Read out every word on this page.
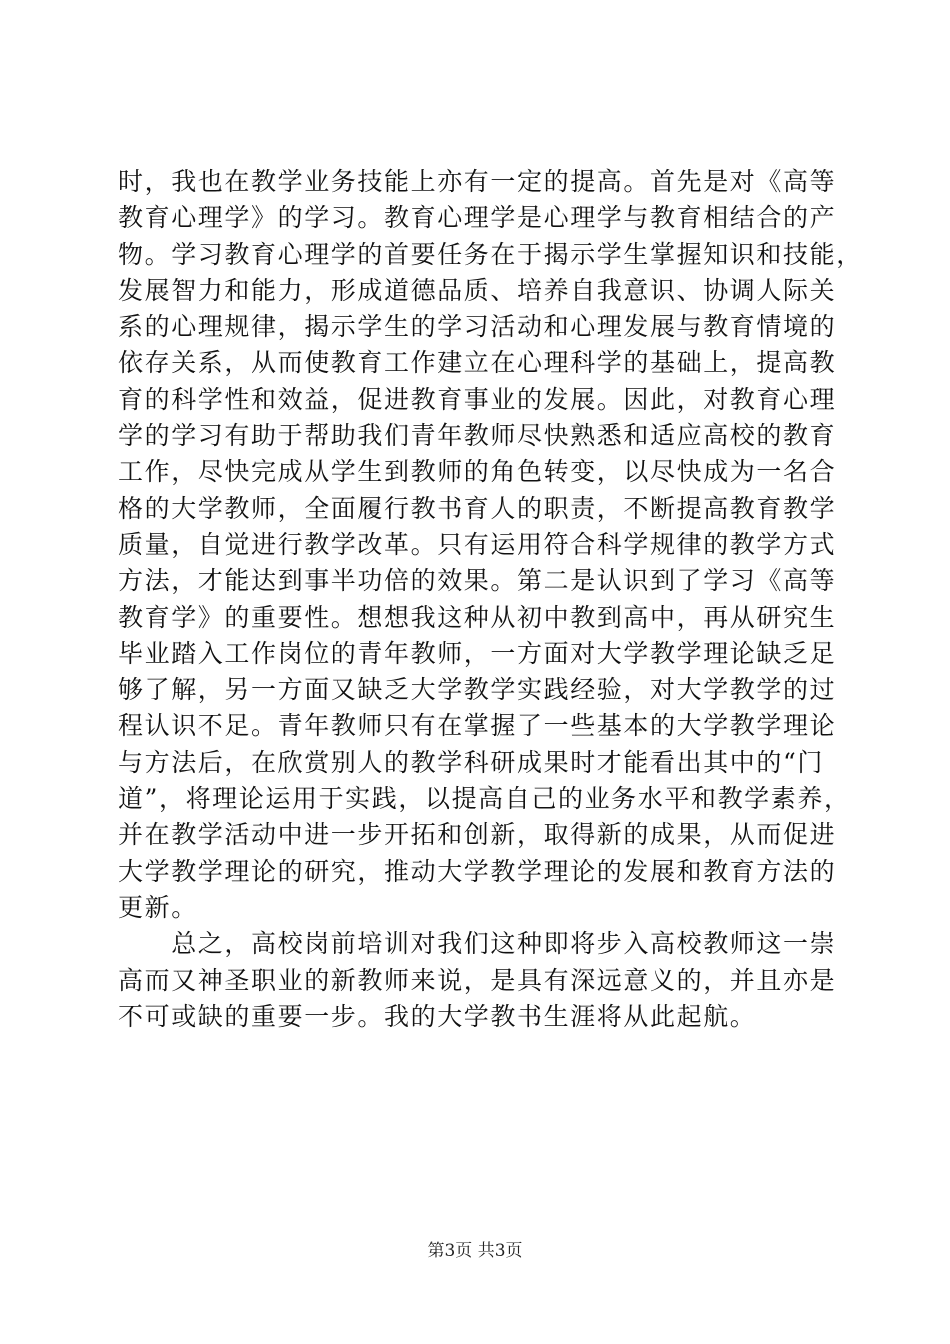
时，我也在教学业务技能上亦有一定的提高。首先是对《高等
教育心理学》的学习。教育心理学是心理学与教育相结合的产
物。学习教育心理学的首要任务在于揭示学生掌握知识和技能，
发展智力和能力，形成道德品质、培养自我意识、协调人际关
系的心理规律，揭示学生的学习活动和心理发展与教育情境的
依存关系，从而使教育工作建立在心理科学的基础上，提高教
育的科学性和效益，促进教育事业的发展。因此，对教育心理
学的学习有助于帮助我们青年教师尽快熟悉和适应高校的教育
工作，尽快完成从学生到教师的角色转变，以尽快成为一名合
格的大学教师，全面履行教书育人的职责，不断提高教育教学
质量，自觉进行教学改革。只有运用符合科学规律的教学方式
方法，才能达到事半功倍的效果。第二是认识到了学习《高等
教育学》的重要性。想想我这种从初中教到高中，再从研究生
毕业踏入工作岗位的青年教师，一方面对大学教学理论缺乏足
够了解，另一方面又缺乏大学教学实践经验，对大学教学的过
程认识不足。青年教师只有在掌握了一些基本的大学教学理论
与方法后，在欣赏别人的教学科研成果时才能看出其中的“门
道”，将理论运用于实践，以提高自己的业务水平和教学素养，
并在教学活动中进一步开拓和创新，取得新的成果，从而促进
大学教学理论的研究，推动大学教学理论的发展和教育方法的
更新。
　　总之，高校岗前培训对我们这种即将步入高校教师这一崇
高而又神圣职业的新教师来说，是具有深远意义的，并且亦是
不可或缺的重要一步。我的大学教书生涯将从此起航。
第3页 共3页
